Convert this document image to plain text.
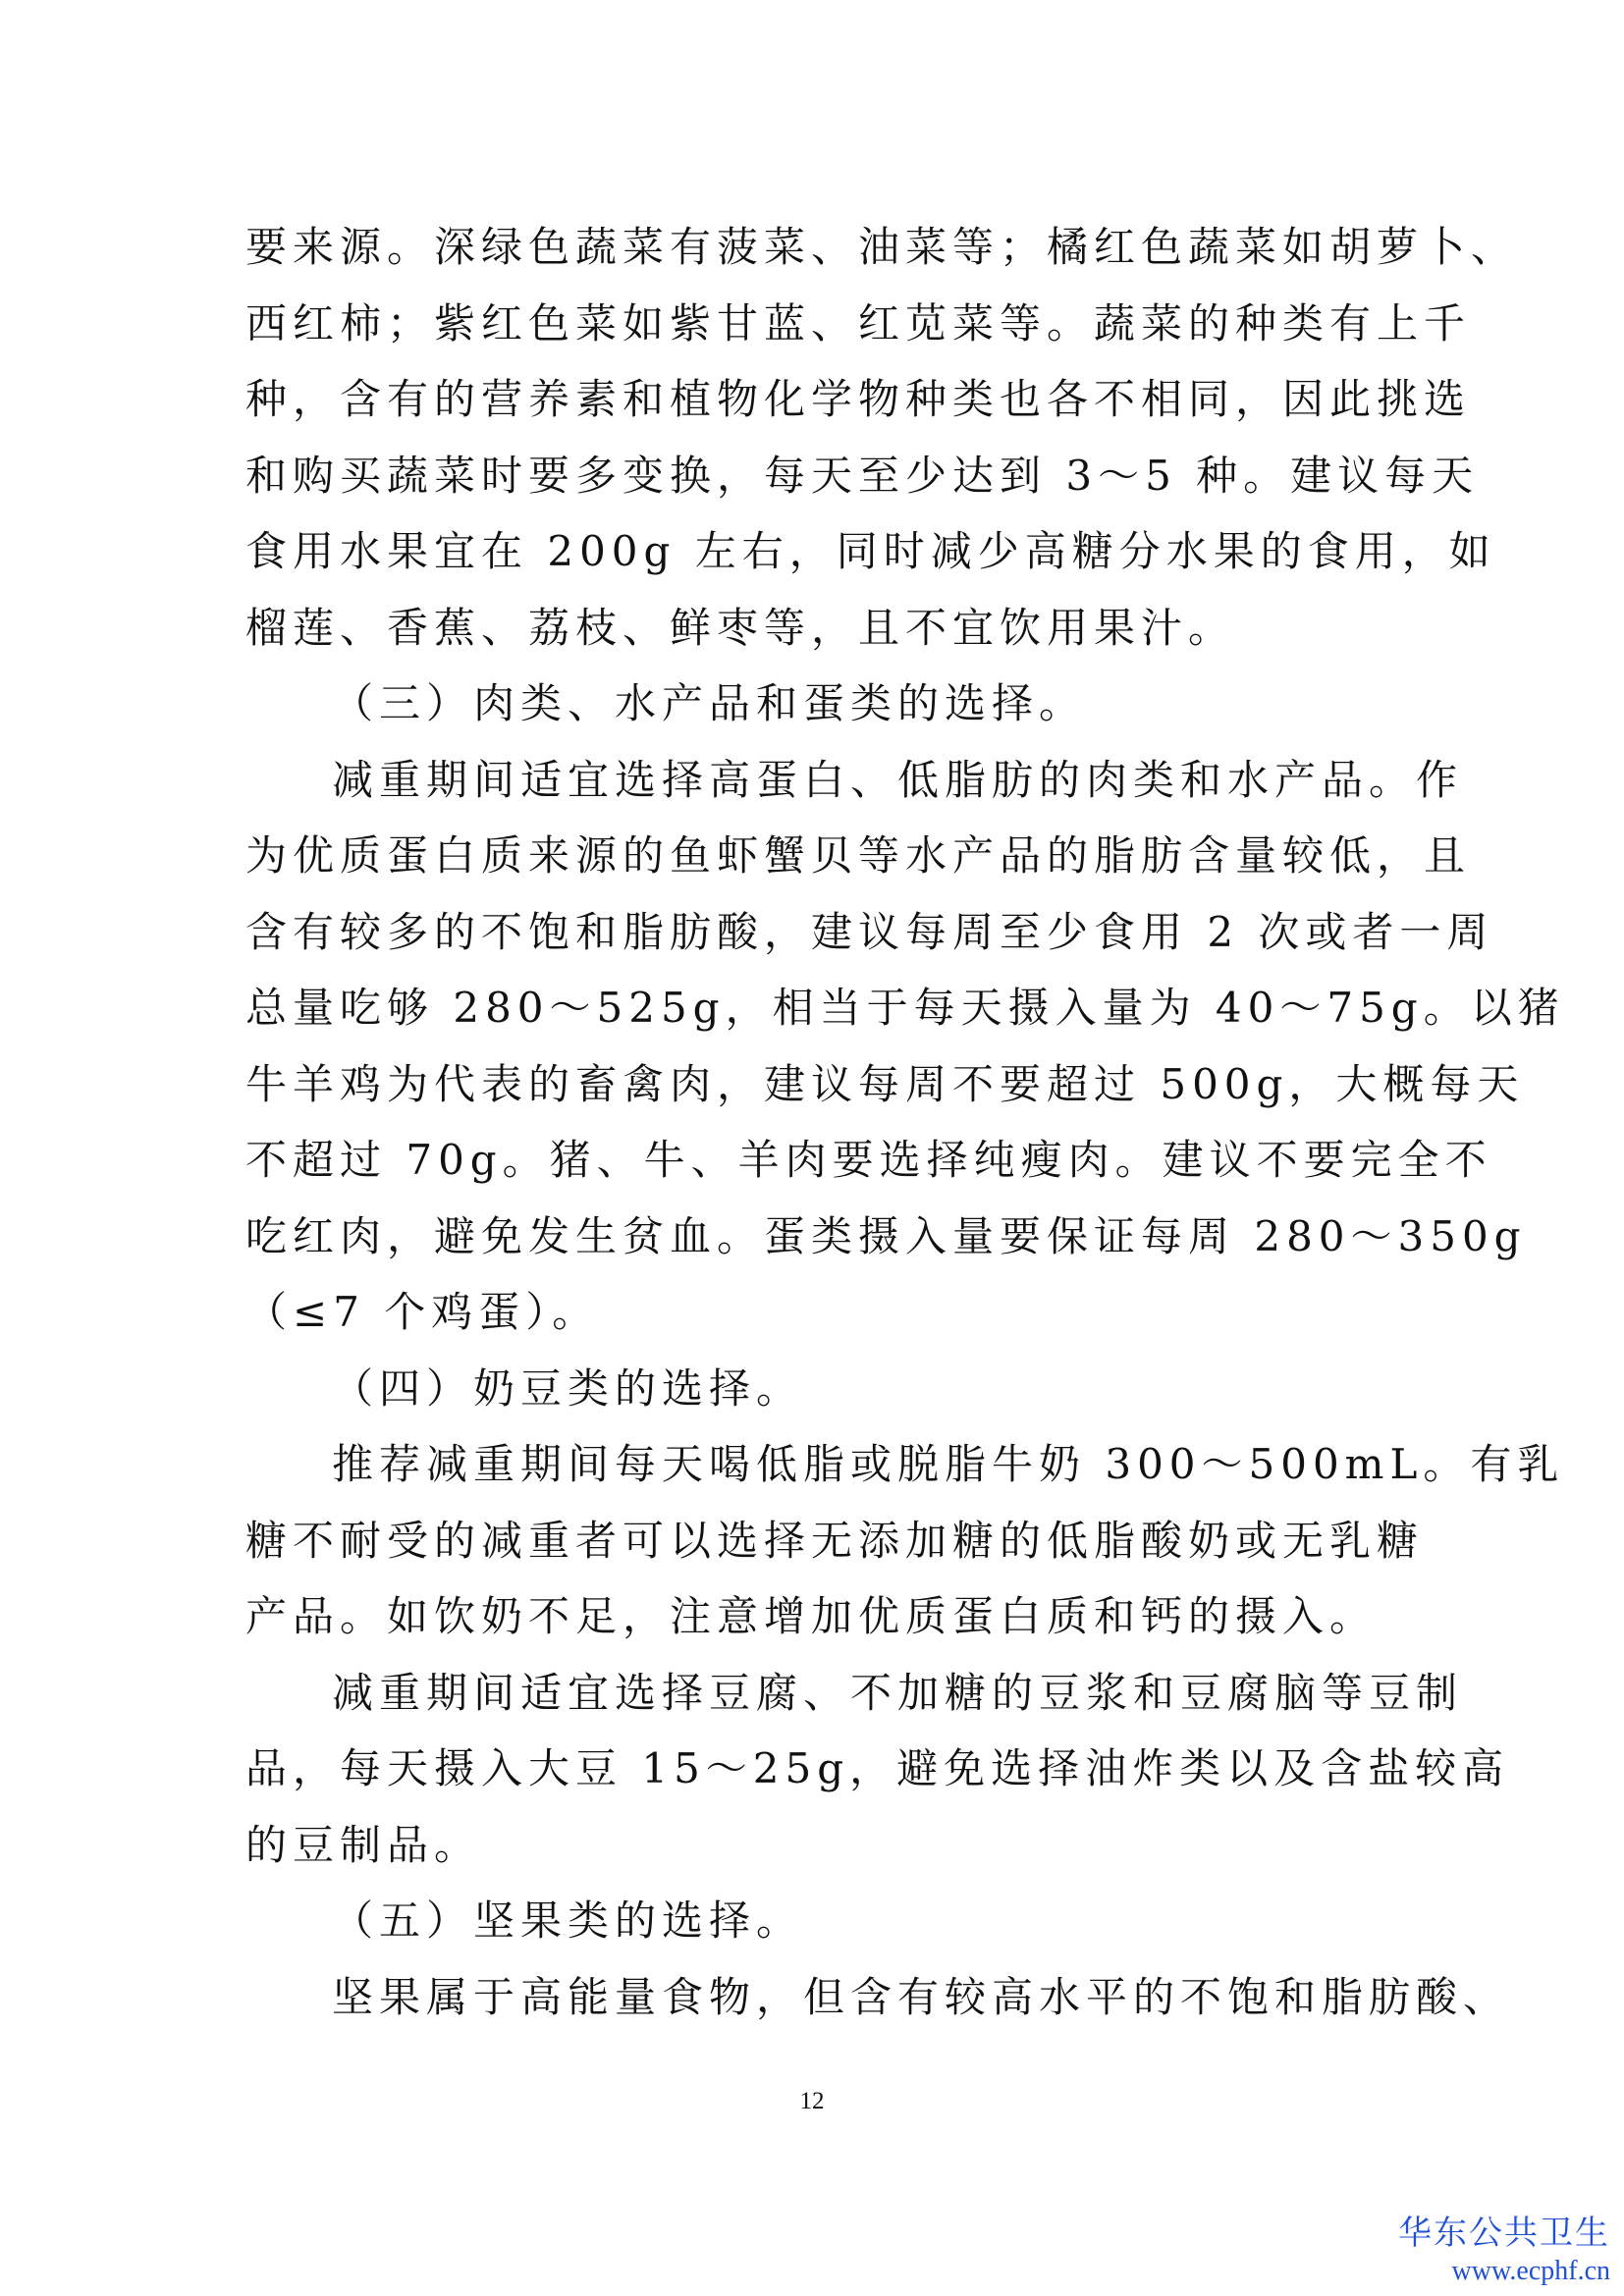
要来源。深绿色蔬菜有菠菜、油菜等；橘红色蔬菜如胡萝卜、
西红柿；紫红色菜如紫甘蓝、红苋菜等。蔬菜的种类有上千
种，含有的营养素和植物化学物种类也各不相同，因此挑选
和购买蔬菜时要多变换，每天至少达到 3～5 种。建议每天
食用水果宜在 200g 左右，同时减少高糖分水果的食用，如
榴莲、香蕉、荔枝、鲜枣等，且不宜饮用果汁。
（三）肉类、水产品和蛋类的选择。
减重期间适宜选择高蛋白、低脂肪的肉类和水产品。作
为优质蛋白质来源的鱼虾蟹贝等水产品的脂肪含量较低，且
含有较多的不饱和脂肪酸，建议每周至少食用 2 次或者一周
总量吃够 280～525g，相当于每天摄入量为 40～75g。以猪
牛羊鸡为代表的畜禽肉，建议每周不要超过 500g，大概每天
不超过 70g。猪、牛、羊肉要选择纯瘦肉。建议不要完全不
吃红肉，避免发生贫血。蛋类摄入量要保证每周 280～350g
（≤7 个鸡蛋）。
（四）奶豆类的选择。
推荐减重期间每天喝低脂或脱脂牛奶 300～500mL。有乳
糖不耐受的减重者可以选择无添加糖的低脂酸奶或无乳糖
产品。如饮奶不足，注意增加优质蛋白质和钙的摄入。
减重期间适宜选择豆腐、不加糖的豆浆和豆腐脑等豆制
品，每天摄入大豆 15～25g，避免选择油炸类以及含盐较高
的豆制品。
（五）坚果类的选择。
坚果属于高能量食物，但含有较高水平的不饱和脂肪酸、
12
华东公共卫生
www.ecphf.cn
